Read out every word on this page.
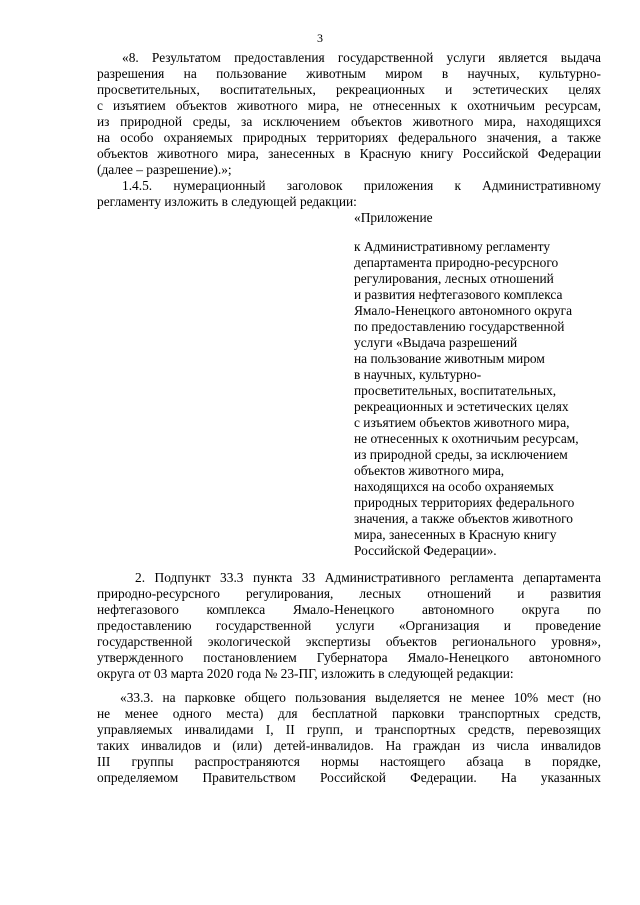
3
«8. Результатом предоставления государственной услуги является выдача
разрешения на пользование животным миром в научных, культурно-
просветительных, воспитательных, рекреационных и эстетических целях
с изъятием объектов животного мира, не отнесенных к охотничьим ресурсам,
из природной среды, за исключением объектов животного мира, находящихся
на особо охраняемых природных территориях федерального значения, а также
объектов животного мира, занесенных в Красную книгу Российской Федерации
(далее – разрешение).»;
1.4.5. нумерационный заголовок приложения к Административному
регламенту изложить в следующей редакции:
«Приложение
к Административному регламенту
департамента природно-ресурсного
регулирования, лесных отношений
и развития нефтегазового комплекса
Ямало-Ненецкого автономного округа
по предоставлению государственной
услуги «Выдача разрешений
на пользование животным миром
в научных, культурно-
просветительных, воспитательных,
рекреационных и эстетических целях
с изъятием объектов животного мира,
не отнесенных к охотничьим ресурсам,
из природной среды, за исключением
объектов животного мира,
находящихся на особо охраняемых
природных территориях федерального
значения, а также объектов животного
мира, занесенных в Красную книгу
Российской Федерации».
2. Подпункт 33.3 пункта 33 Административного регламента департамента
природно-ресурсного регулирования, лесных отношений и развития
нефтегазового комплекса Ямало-Ненецкого автономного округа по
предоставлению государственной услуги «Организация и проведение
государственной экологической экспертизы объектов регионального уровня»,
утвержденного постановлением Губернатора Ямало-Ненецкого автономного
округа от 03 марта 2020 года № 23-ПГ, изложить в следующей редакции:
«33.3. на парковке общего пользования выделяется не менее 10% мест (но
не менее одного места) для бесплатной парковки транспортных средств,
управляемых инвалидами I, II групп, и транспортных средств, перевозящих
таких инвалидов и (или) детей-инвалидов. На граждан из числа инвалидов
III группы распространяются нормы настоящего абзаца в порядке,
определяемом Правительством Российской Федерации. На указанных
